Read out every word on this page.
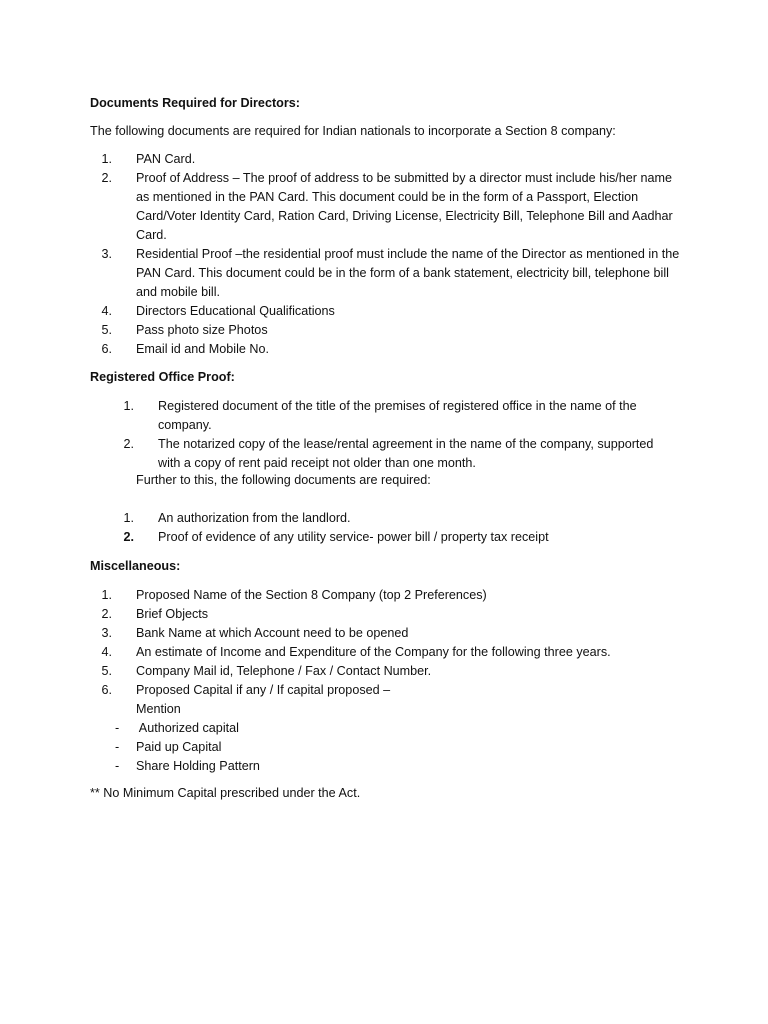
Documents Required for Directors:
The following documents are required for Indian nationals to incorporate a Section 8 company:
1. PAN Card.
2. Proof of Address – The proof of address to be submitted by a director must include his/her name as mentioned in the PAN Card. This document could be in the form of a Passport, Election Card/Voter Identity Card, Ration Card, Driving License, Electricity Bill, Telephone Bill and Aadhar Card.
3. Residential Proof –the residential proof must include the name of the Director as mentioned in the PAN Card. This document could be in the form of a bank statement, electricity bill, telephone bill and mobile bill.
4. Directors Educational Qualifications
5. Pass photo size Photos
6. Email id and Mobile No.
Registered Office Proof:
1. Registered document of the title of the premises of registered office in the name of the company.
2. The notarized copy of the lease/rental agreement in the name of the company, supported with a copy of rent paid receipt not older than one month.
Further to this, the following documents are required:
1. An authorization from the landlord.
2. Proof of evidence of any utility service- power bill / property tax receipt
Miscellaneous:
1. Proposed Name of the Section 8 Company (top 2 Preferences)
2. Brief Objects
3. Bank Name at which Account need to be opened
4. An estimate of Income and Expenditure of the Company for the following three years.
5. Company Mail id, Telephone / Fax / Contact Number.
6. Proposed Capital if any / If capital proposed –
Mention
-	Authorized capital
-	Paid up Capital
-	Share Holding Pattern
** No Minimum Capital prescribed under the Act.
